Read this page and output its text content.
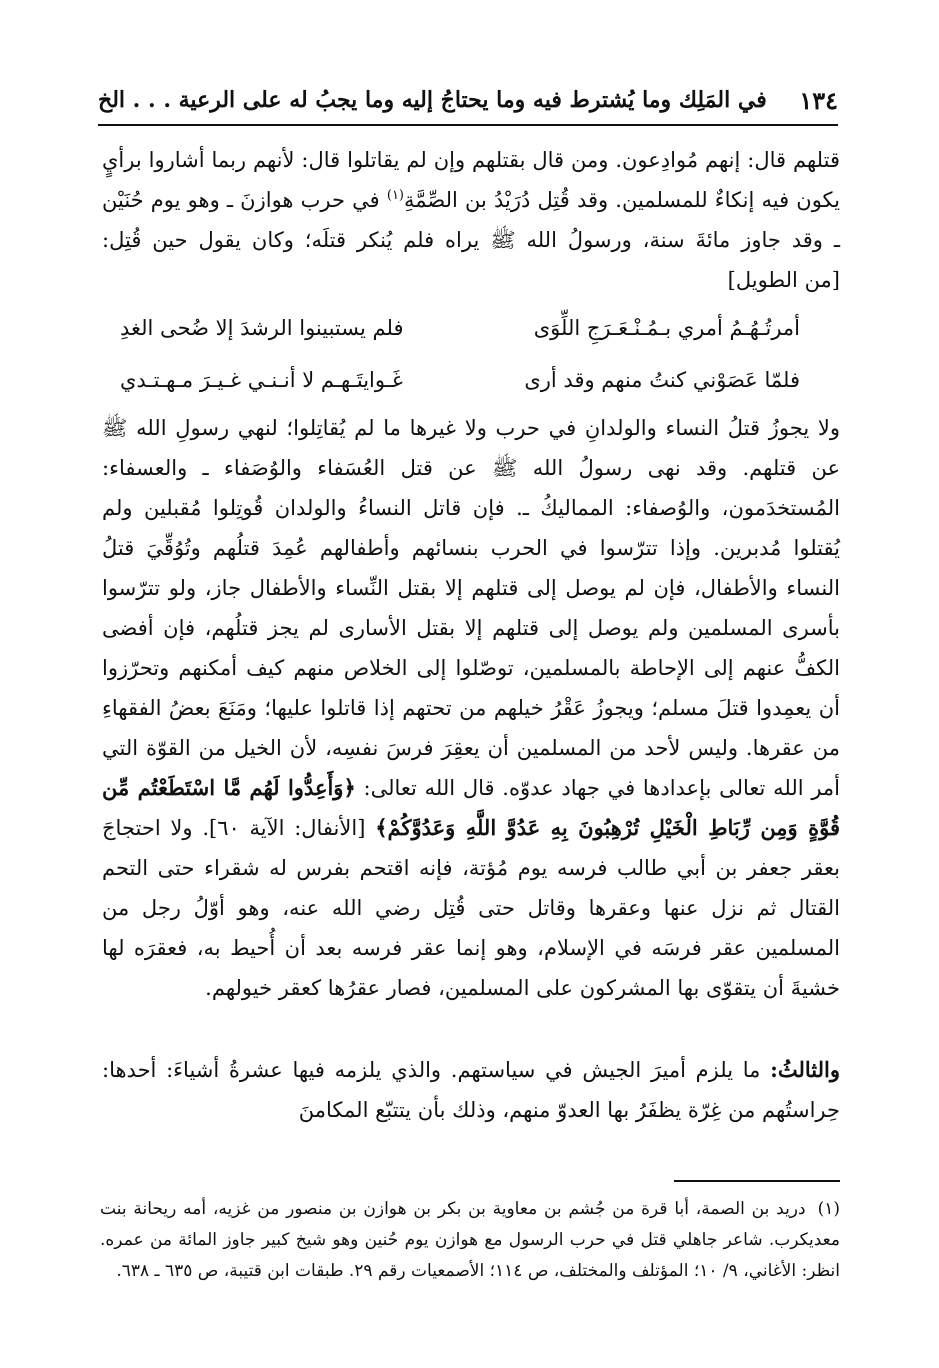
١٣٤
في المَلِك وما يُشترط فيه وما يحتاجُ إليه وما يجبُ له على الرعية . . . الخ

قتلهم قال: إنهم مُوادِعون. ومن قال بقتلهم وإن لم يقاتلوا قال: لأنهم ربما أشاروا برأيٍ يكون فيه إنكاءٌ للمسلمين. وقد قُتِل دُرَيْدُ بن الصِّمَّةِ$^{(١)}$ في حرب هوازنَ ـ وهو يوم حُنَيْن ـ وقد جاوز مائةَ سنة، ورسولُ الله ﷺ يراه فلم يُنكر قتلَه؛ وكان يقول حين قُتِل: [من الطويل]

أمرتُـهُـمُ أمري بـمُـنْـعَـرَجِ اللِّوَى
فلم يستبينوا الرشدَ إلا ضُحى الغدِ
فلمّا عَصَوْني كنتُ منهم وقد أرى
غَـوايتَـهـم لا أنـنـي غـيـرَ مـهـتـدي

ولا يجوزُ قتلُ النساء والولدانِ في حرب ولا غيرها ما لم يُقاتِلوا؛ لنهي رسولِ الله ﷺ عن قتلهم. وقد نهى رسولُ الله ﷺ عن قتل العُسَفاء والوُصَفاء ـ والعسفاء: المُستخدَمون، والوُصفاء: المماليكُ ـ. فإن قاتل النساءُ والولدان قُوتِلوا مُقبلين ولم يُقتلوا مُدبرين. وإذا تترّسوا في الحرب بنسائهم وأطفالهم عُمِدَ قتلُهم وتُوُقِّيَ قتلُ النساء والأطفال، فإن لم يوصل إلى قتلهم إلا بقتل النِّساء والأطفال جاز، ولو تترّسوا بأسرى المسلمين ولم يوصل إلى قتلهم إلا بقتل الأسارى لم يجز قتلُهم، فإن أفضى الكفُّ عنهم إلى الإحاطة بالمسلمين، توصّلوا إلى الخلاص منهم كيف أمكنهم وتحرّزوا أن يعمِدوا قتلَ مسلم؛ ويجوزُ عَقْرُ خيلهم من تحتهم إذا قاتلوا عليها؛ ومَنَعَ بعضُ الفقهاءِ من عقرها. وليس لأحد من المسلمين أن يعقِرَ فرسَ نفسِه، لأن الخيل من القوّة التي أمر الله تعالى بإعدادها في جهاد عدوّه. قال الله تعالى: ﴿وَأَعِدُّوا لَهُم مَّا اسْتَطَعْتُم مِّن قُوَّةٍ وَمِن رِّبَاطِ الْخَيْلِ تُرْهِبُونَ بِهِ عَدُوَّ اللَّهِ وَعَدُوَّكُمْ﴾ [الأنفال: الآية ٦٠]. ولا احتجاجَ بعقر جعفر بن أبي طالب فرسه يوم مُؤتة، فإنه اقتحم بفرس له شقراء حتى التحم القتال ثم نزل عنها وعقرها وقاتل حتى قُتِل رضي الله عنه، وهو أوّلُ رجل من المسلمين عقر فرسَه في الإسلام، وهو إنما عقر فرسه بعد أن أُحيط به، فعقرَه لها خشيةَ أن يتقوّى بها المشركون على المسلمين، فصار عقرُها كعقر خيولهم.

والثالثُ: ما يلزم أميرَ الجيش في سياستهم. والذي يلزمه فيها عشرةُ أشياءَ: أحدها: حِراستُهم من غِرّة يظفَرُ بها العدوّ منهم، وذلك بأن يتتبّع المكامنَ

(١)دريد بن الصمة، أبا قرة من جُشم بن معاوية بن بكر بن هوازن بن منصور من غزيه، أمه ريحانة بنت معديكرب. شاعر جاهلي قتل في حرب الرسول مع هوازن يوم حُنين وهو شيخ كبير جاوز المائة من عمره. انظر: الأغاني، ٩/ ١٠؛ المؤتلف والمختلف، ص ١١٤؛ الأصمعيات رقم ٢٩. طبقات ابن قتيبة، ص ٦٣٥ ـ ٦٣٨.
